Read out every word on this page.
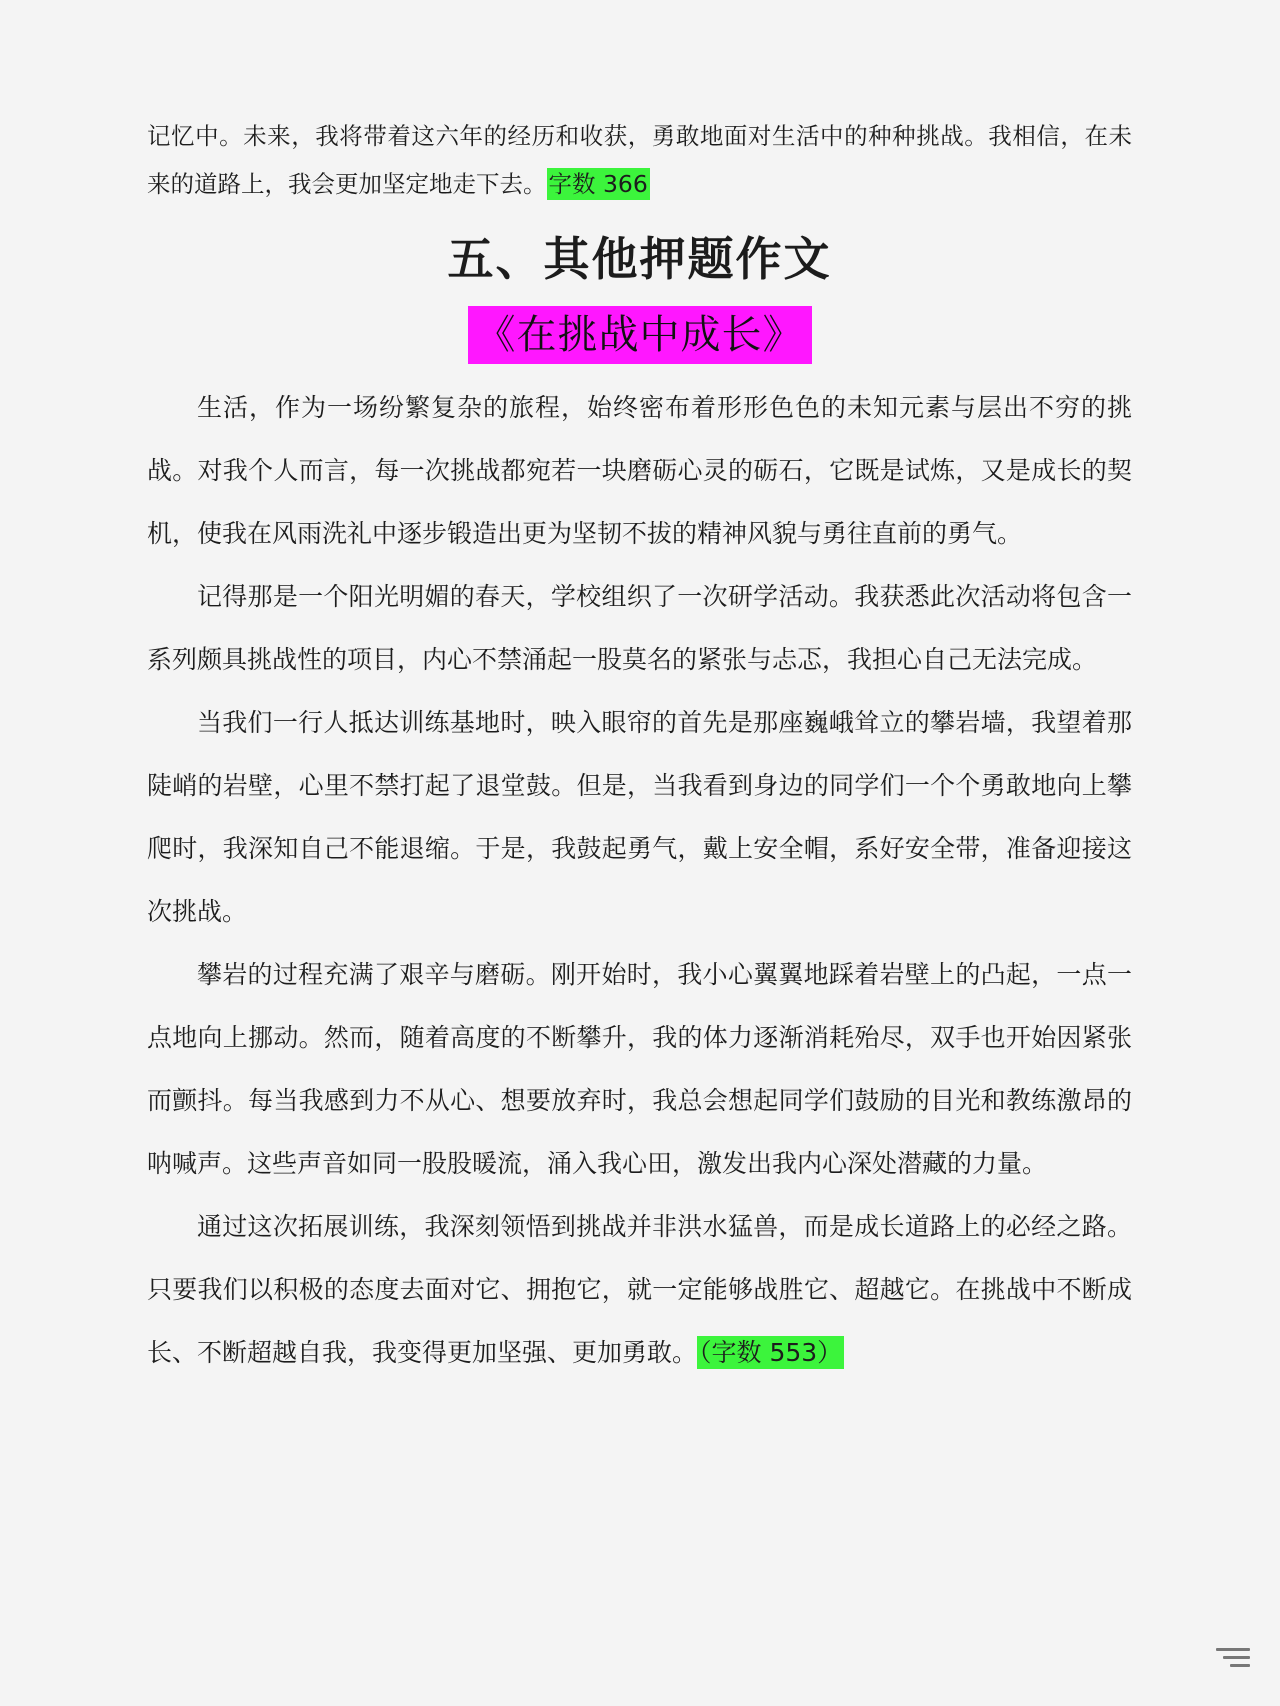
记忆中。未来，我将带着这六年的经历和收获，勇敢地面对生活中的种种挑战。我相信，在未来的道路上，我会更加坚定地走下去。字数 366

五、其他押题作文
《在挑战中成长》

生活，作为一场纷繁复杂的旅程，始终密布着形形色色的未知元素与层出不穷的挑战。对我个人而言，每一次挑战都宛若一块磨砺心灵的砺石，它既是试炼，又是成长的契机，使我在风雨洗礼中逐步锻造出更为坚韧不拔的精神风貌与勇往直前的勇气。

记得那是一个阳光明媚的春天，学校组织了一次研学活动。我获悉此次活动将包含一系列颇具挑战性的项目，内心不禁涌起一股莫名的紧张与忐忑，我担心自己无法完成。

当我们一行人抵达训练基地时，映入眼帘的首先是那座巍峨耸立的攀岩墙，我望着那陡峭的岩壁，心里不禁打起了退堂鼓。但是，当我看到身边的同学们一个个勇敢地向上攀爬时，我深知自己不能退缩。于是，我鼓起勇气，戴上安全帽，系好安全带，准备迎接这次挑战。

攀岩的过程充满了艰辛与磨砺。刚开始时，我小心翼翼地踩着岩壁上的凸起，一点一点地向上挪动。然而，随着高度的不断攀升，我的体力逐渐消耗殆尽，双手也开始因紧张而颤抖。每当我感到力不从心、想要放弃时，我总会想起同学们鼓励的目光和教练激昂的呐喊声。这些声音如同一股股暖流，涌入我心田，激发出我内心深处潜藏的力量。

通过这次拓展训练，我深刻领悟到挑战并非洪水猛兽，而是成长道路上的必经之路。只要我们以积极的态度去面对它、拥抱它，就一定能够战胜它、超越它。在挑战中不断成长、不断超越自我，我变得更加坚强、更加勇敢。（字数 553）
